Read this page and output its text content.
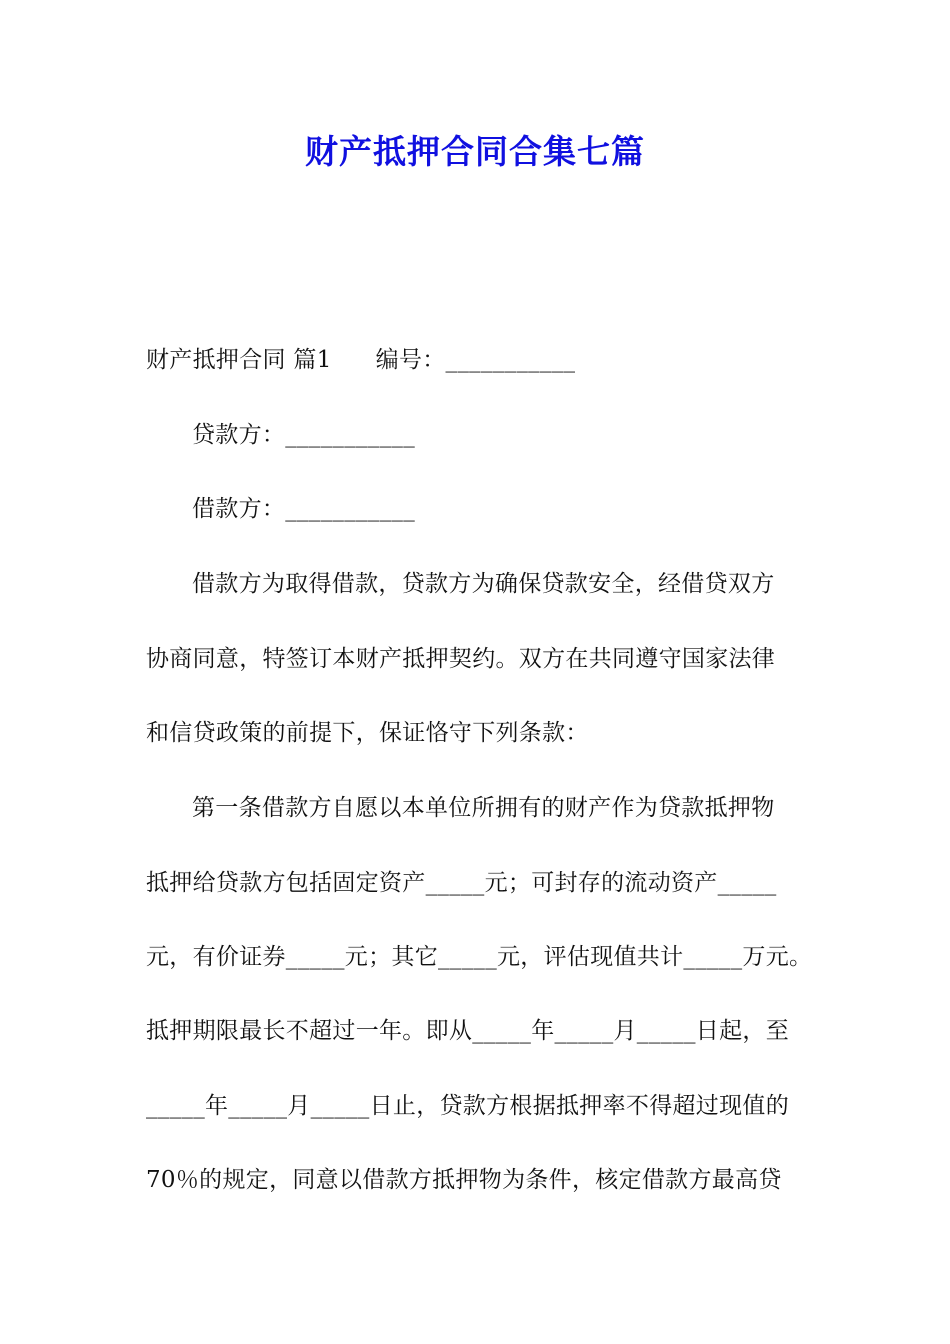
财产抵押合同合集七篇
财产抵押合同 篇1 编号：___________
贷款方：___________
借款方：___________
借款方为取得借款，贷款方为确保贷款安全，经借贷双方
协商同意，特签订本财产抵押契约。双方在共同遵守国家法律
和信贷政策的前提下，保证恪守下列条款：
第一条借款方自愿以本单位所拥有的财产作为贷款抵押物
抵押给贷款方包括固定资产_____元；可封存的流动资产_____
元，有价证券_____元；其它_____元，评估现值共计_____万元。
抵押期限最长不超过一年。即从_____年_____月_____日起，至
_____年_____月_____日止，贷款方根据抵押率不得超过现值的
70％的规定，同意以借款方抵押物为条件，核定借款方最高贷
